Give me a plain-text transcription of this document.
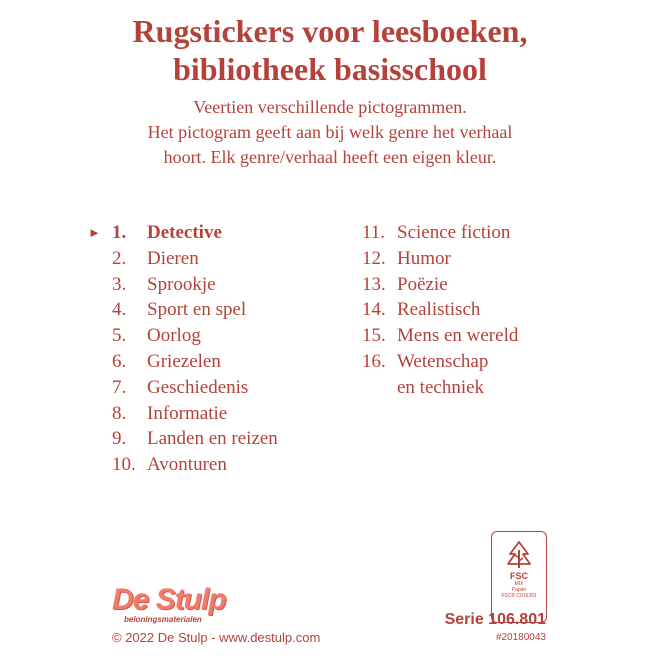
Rugstickers voor leesboeken,
bibliotheek basisschool
Veertien verschillende pictogrammen.
Het pictogram geeft aan bij welk genre het verhaal
hoort. Elk genre/verhaal heeft een eigen kleur.
► 1.	Detective
2.	Dieren
3.	Sprookje
4.	Sport en spel
5.	Oorlog
6.	Griezelen
7.	Geschiedenis
8.	Informatie
9.	Landen en reizen
10. Avonturen
11. Science fiction
12. Humor
13. Poëzie
14. Realistisch
15. Mens en wereld
16. Wetenschap
en techniek
FSC
MIX
Papier
FSC® C016391
De Stulp
beloningsmaterialen
© 2022 De Stulp - www.destulp.com
Serie 106.801
#20180043
